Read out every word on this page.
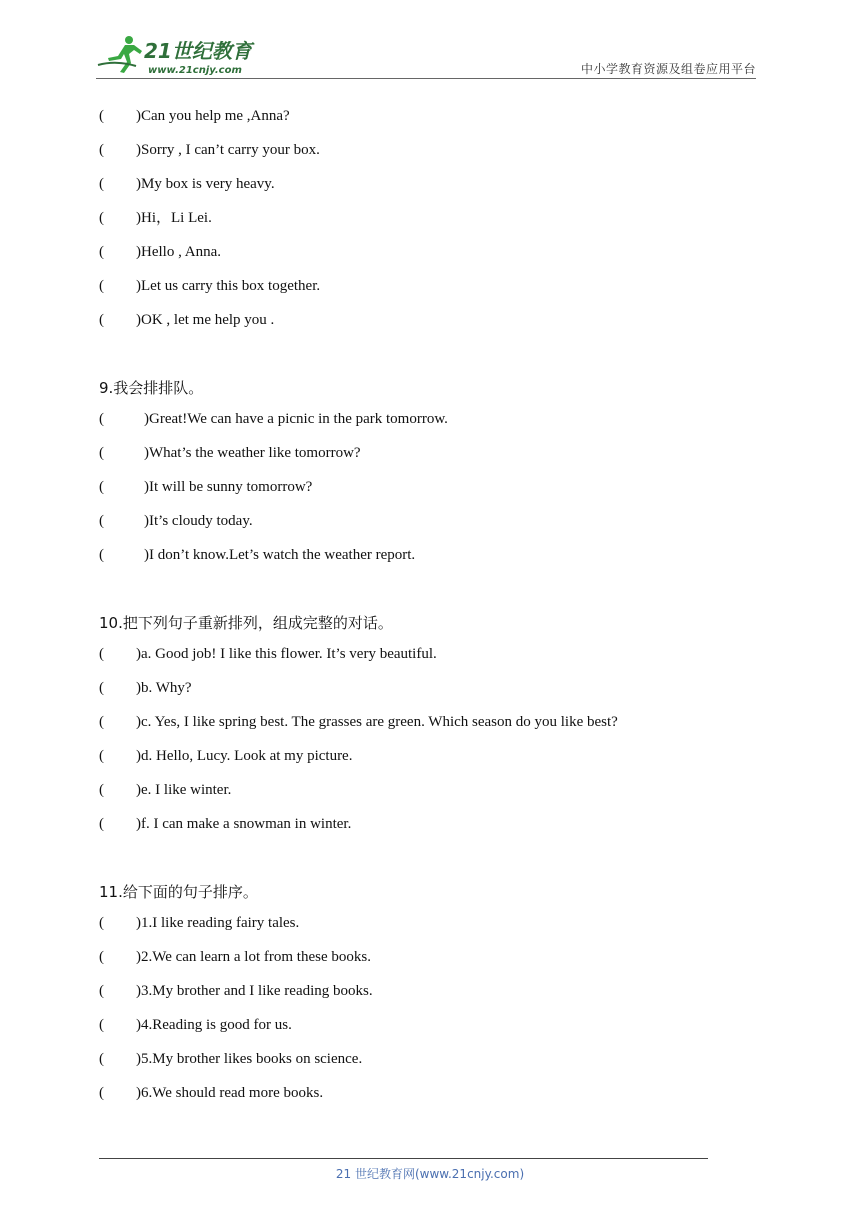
21世纪教育
www.21cnjy.com	中小学教育资源及组卷应用平台
( )Can you help me ,Anna?
( )Sorry , I can’t carry your box.
( )My box is very heavy.
( )Hi，Li Lei.
( )Hello , Anna.
( )Let us carry this box together.
( )OK , let me help you .
9.我会排排队。
(	)Great!We can have a picnic in the park tomorrow.
(	)What’s the weather like tomorrow?
(	)It will be sunny tomorrow?
(	)It’s cloudy today.
(	)I don’t know.Let’s watch the weather report.
10.把下列句子重新排列，组成完整的对话。
( )a. Good job! I like this flower. It’s very beautiful.
( )b. Why?
( )c. Yes, I like spring best. The grasses are green. Which season do you like best?
( )d. Hello, Lucy. Look at my picture.
( )e. I like winter.
( )f. I can make a snowman in winter.
11.给下面的句子排序。
( )1.I like reading fairy tales.
( )2.We can learn a lot from these books.
( )3.My brother and I like reading books.
( )4.Reading is good for us.
( )5.My brother likes books on science.
( )6.We should read more books.
21 世纪教育网(www.21cnjy.com)
